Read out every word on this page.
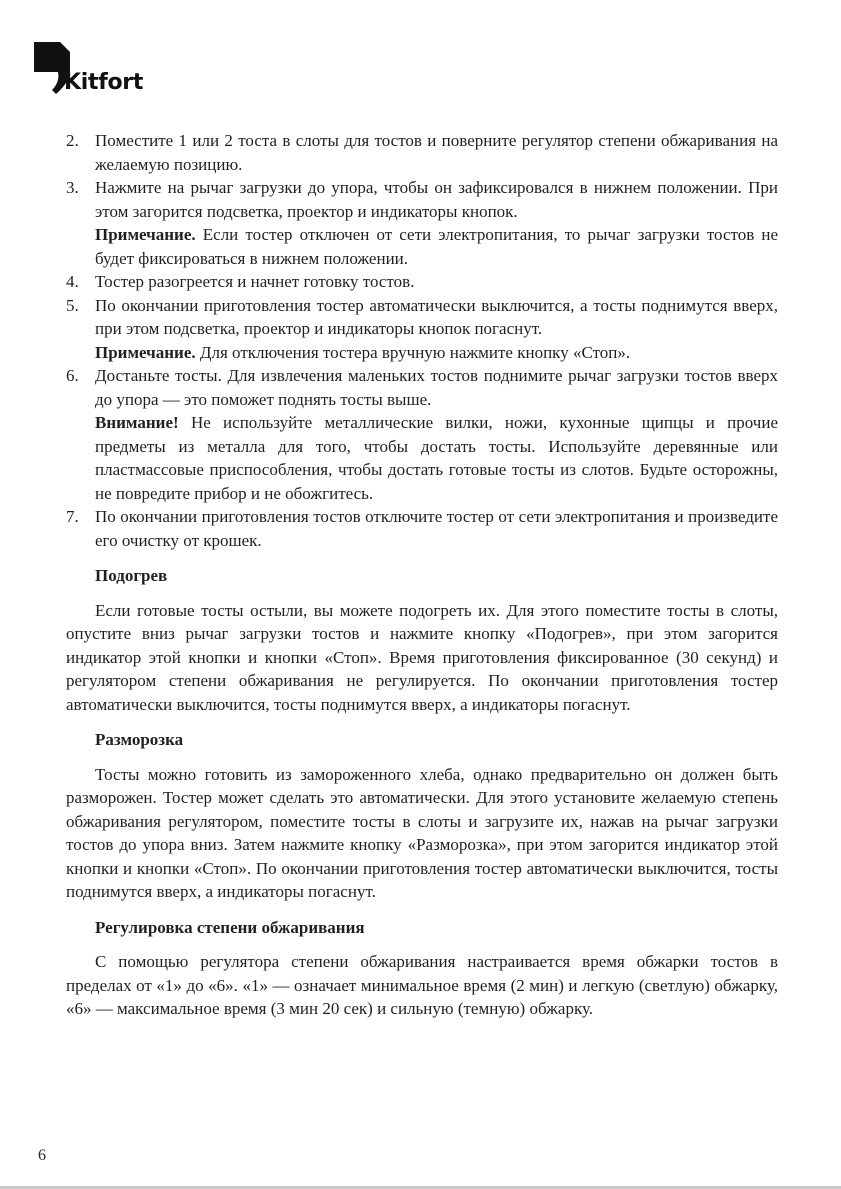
Kitfort
2. Поместите 1 или 2 тоста в слоты для тостов и поверните регулятор степени обжаривания на желаемую позицию.
3. Нажмите на рычаг загрузки до упора, чтобы он зафиксировался в нижнем положении. При этом загорится подсветка, проектор и индикаторы кнопок.
Примечание. Если тостер отключен от сети электропитания, то рычаг загрузки тостов не будет фиксироваться в нижнем положении.
4. Тостер разогреется и начнет готовку тостов.
5. По окончании приготовления тостер автоматически выключится, а тосты поднимутся вверх, при этом подсветка, проектор и индикаторы кнопок погаснут.
Примечание. Для отключения тостера вручную нажмите кнопку «Стоп».
6. Достаньте тосты. Для извлечения маленьких тостов поднимите рычаг загрузки тостов вверх до упора — это поможет поднять тосты выше.
Внимание! Не используйте металлические вилки, ножи, кухонные щипцы и прочие предметы из металла для того, чтобы достать тосты. Используйте деревянные или пластмассовые приспособления, чтобы достать готовые тосты из слотов. Будьте осторожны, не повредите прибор и не обожгитесь.
7. По окончании приготовления тостов отключите тостер от сети электропитания и произведите его очистку от крошек.
Подогрев

Если готовые тосты остыли, вы можете подогреть их. Для этого поместите тосты в слоты, опустите вниз рычаг загрузки тостов и нажмите кнопку «Подогрев», при этом загорится индикатор этой кнопки и кнопки «Стоп». Время приготовления фиксированное (30 секунд) и регулятором степени обжаривания не регулируется. По окончании приготовления тостер автоматически выключится, тосты поднимутся вверх, а индикаторы погаснут.

Разморозка

Тосты можно готовить из замороженного хлеба, однако предварительно он должен быть разморожен. Тостер может сделать это автоматически. Для этого установите желаемую степень обжаривания регулятором, поместите тосты в слоты и загрузите их, нажав на рычаг загрузки тостов до упора вниз. Затем нажмите кнопку «Разморозка», при этом загорится индикатор этой кнопки и кнопки «Стоп». По окончании приготовления тостер автоматически выключится, тосты поднимутся вверх, а индикаторы погаснут.

Регулировка степени обжаривания

С помощью регулятора степени обжаривания настраивается время обжарки тостов в пределах от «1» до «6». «1» — означает минимальное время (2 мин) и легкую (светлую) обжарку, «6» — максимальное время (3 мин 20 сек) и сильную (темную) обжарку.

6
